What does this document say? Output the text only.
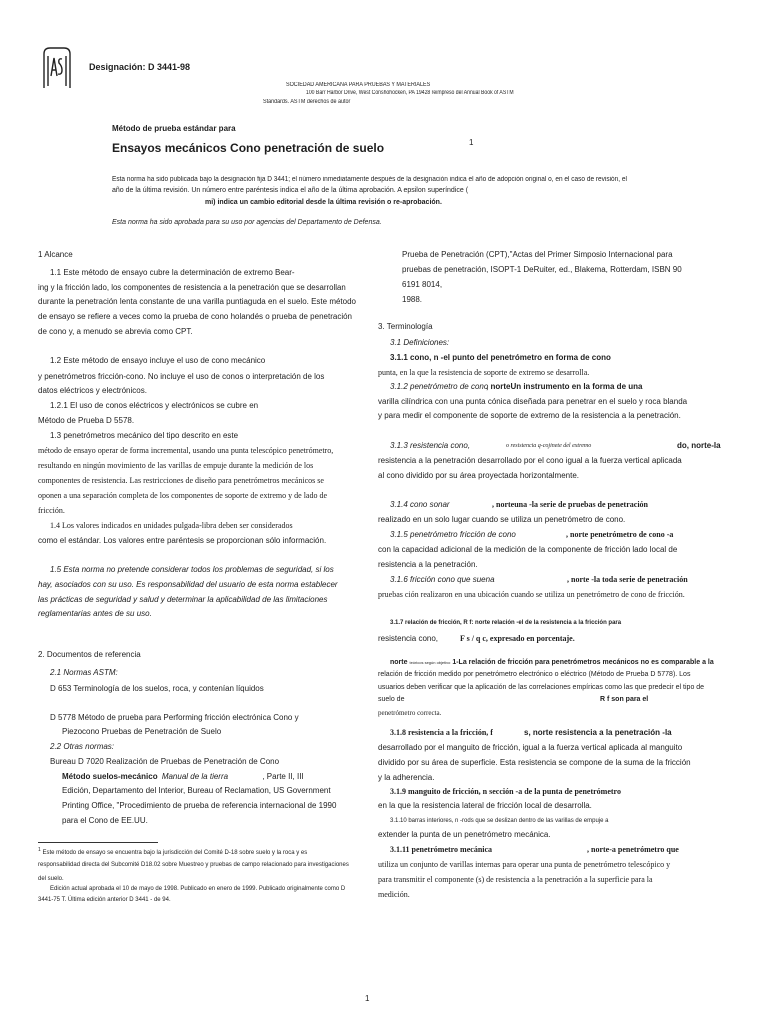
Designación: D 3441-98
SOCIEDAD AMERICANA PARA PRUEBAS Y MATERIALES
100 Barr Harbor Drive, West Conshohocken, PA 19428 reimpreso del Annual Book of ASTM
Standards. ASTM derechos de autor
Método de prueba estándar para
Ensayos mecánicos Cono penetración de suelo	1
Esta norma ha sido publicada bajo la designación fija D 3441; el número inmediatamente después de la designación indica el año de adopción original o, en el caso de revisión, el
año de la última revisión. Un número entre paréntesis indica el año de la última aprobación. A epsilon superíndice (
mi) indica un cambio editorial desde la última revisión o re-aprobación.
Esta norma ha sido aprobada para su uso por agencias del Departamento de Defensa.
1 Alcance
1.1 Este método de ensayo cubre la determinación de extremo Bear-
ing y la fricción lado, los componentes de resistencia a la penetración que se desarrollan
durante la penetración lenta constante de una varilla puntiaguda en el suelo. Este método
de ensayo se refiere a veces como la prueba de cono holandés o prueba de penetración
de cono y, a menudo se abrevia como CPT.
1.2 Este método de ensayo incluye el uso de cono mecánico
y penetrómetros fricción-cono. No incluye el uso de conos o interpretación de los
datos eléctricos y electrónicos.
1.2.1 El uso de conos eléctricos y electrónicos se cubre en
Método de Prueba D 5578.
1.3 penetrómetros mecánico del tipo descrito en este
método de ensayo operar de forma incremental, usando una punta telescópico penetrómetro,
resultando en ningún movimiento de las varillas de empuje durante la medición de los
componentes de resistencia. Las restricciones de diseño para penetrómetros mecánicos se
oponen a una separación completa de los componentes de soporte de extremo y de lado de
fricción.
1.4 Los valores indicados en unidades pulgada-libra deben ser considerados
como el estándar. Los valores entre paréntesis se proporcionan sólo información.
1.5 Esta norma no pretende considerar todos los problemas de seguridad, si los
hay, asociados con su uso. Es responsabilidad del usuario de esta norma establecer
las prácticas de seguridad y salud y determinar la aplicabilidad de las limitaciones
reglamentarias antes de su uso.
2. Documentos de referencia
2.1 Normas ASTM:
D 653 Terminología de los suelos, roca, y contenían líquidos
D 5778 Método de prueba para Performing fricción electrónica Cono y
Piezocono Pruebas de Penetración de Suelo
2.2 Otras normas:
Bureau D 7020 Realización de Pruebas de Penetración de Cono
Método suelos-mecánico Manual de la tierra	, Parte II, III
Edición, Departamento del Interior, Bureau of Reclamation, US Government
Printing Office, "Procedimiento de prueba de referencia internacional de 1990
para el Cono de EE.UU.
$^1$ Este método de ensayo se encuentra bajo la jurisdicción del Comité D-18 sobre suelo y la roca y es
responsabilidad directa del Subcomité D18.02 sobre Muestreo y pruebas de campo relacionado para investigaciones
del suelo.
Edición actual aprobada el 10 de mayo de 1998. Publicado en enero de 1999. Publicado originalmente como D
3441-75 T. Última edición anterior D 3441 - de 94.
Prueba de Penetración (CPT),"Actas del Primer Simposio Internacional para
pruebas de penetración, ISOPT-1 DeRuiter, ed., Blakema, Rotterdam, ISBN 90
6191 8014,
1988.
3. Terminología
3.1 Definiciones:
3.1.1 cono, n -el punto del penetrómetro en forma de cono
punta, en la que la resistencia de soporte de extremo se desarrolla.
3.1.2 penetrómetro de cono
, norteUn instrumento en la forma de una
varilla cilíndrica con una punta cónica diseñada para penetrar en el suelo y roca blanda
y para medir el componente de soporte de extremo de la resistencia a la penetración.
3.1.3 resistencia cono,	o resistencia q-cojinete del extremo	do, norte-la
resistencia a la penetración desarrollado por el cono igual a la fuerza vertical aplicada
al cono dividido por su área proyectada horizontalmente.
3.1.4 cono sonar	, norteuna -la serie de pruebas de penetración
realizado en un solo lugar cuando se utiliza un penetrómetro de cono.
3.1.5 penetrómetro fricción de cono	, norte penetrómetro de cono -a
con la capacidad adicional de la medición de la componente de fricción lado local de
resistencia a la penetración.
3.1.6 fricción cono que suena	, norte -la toda serie de penetración
pruebas ción realizaron en una ubicación cuando se utiliza un penetrómetro de cono de fricción.
3.1.7 relación de fricción, R f: norte relación -el de la resistencia a la fricción para
resistencia cono,	F s / q c, expresado en porcentaje.
norte teóricos según objetivo 1-La relación de fricción para penetrómetros mecánicos no es comparable a la
relación de fricción medido por penetrómetro electrónico o eléctrico (Método de Prueba D 5778). Los
usuarios deben verificar que la aplicación de las correlaciones empíricas como las que predecir el tipo de
suelo de	R f son para el
penetrómetro correcta.
3.1.8 resistencia a la fricción, f	s, norte resistencia a la penetración -la
desarrollado por el manguito de fricción, igual a la fuerza vertical aplicada al manguito
dividido por su área de superficie. Esta resistencia se compone de la suma de la fricción
y la adherencia.
3.1.9 manguito de fricción, n sección -a de la punta de penetrómetro
en la que la resistencia lateral de fricción local de desarrolla.
3.1.10 barras interiores, n -rods que se deslizan dentro de las varillas de empuje a
extender la punta de un penetrómetro mecánica.
3.1.11 penetrómetro mecánica	, norte-a penetrómetro que
utiliza un conjunto de varillas internas para operar una punta de penetrómetro telescópico y
para transmitir el componente (s) de resistencia a la penetración a la superficie para la
medición.
1
